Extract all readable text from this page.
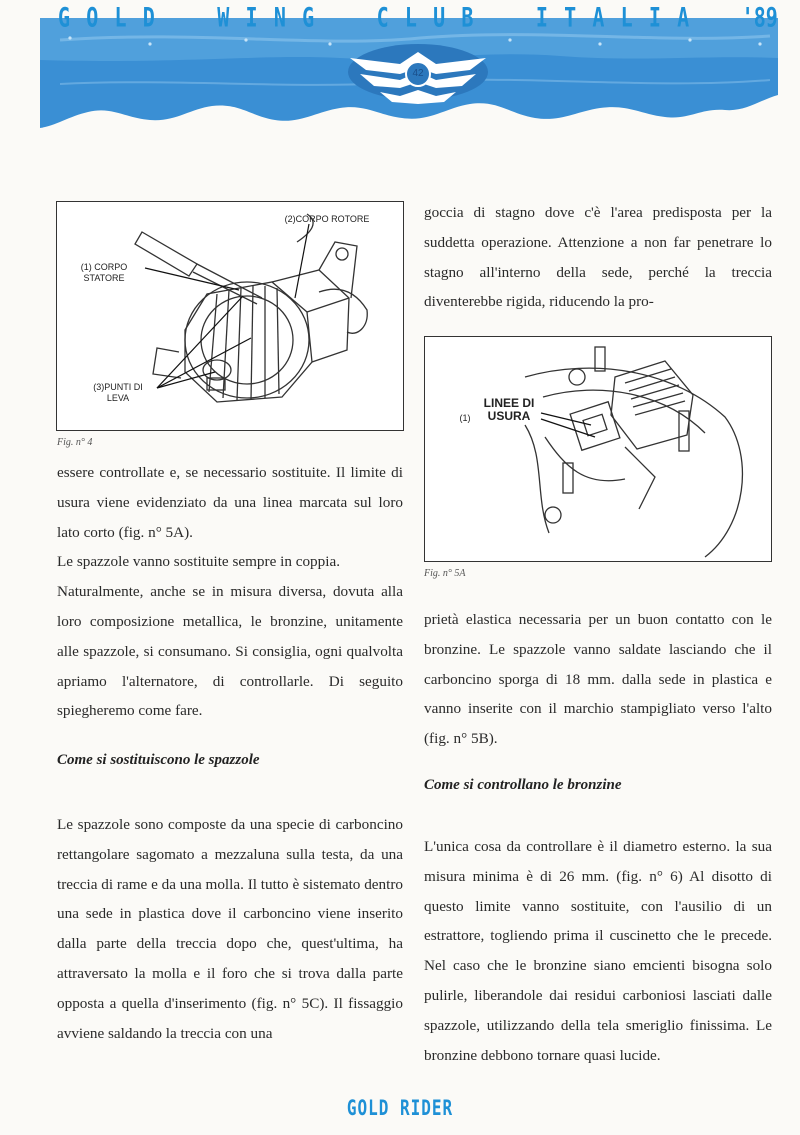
G O L D	W I N G	C L U B	I T A L I A	'89
42
(2)CORPO ROTORE
(1) CORPO STATORE
(3)PUNTI DI LEVA
Fig. n° 4
(1)
LINEE DI USURA
Fig. n° 5A

essere controllate e, se necessario sostituite. Il limite di usura viene evidenziato da una linea marcata sul loro lato corto (fig. n° 5A).

Le spazzole vanno sostituite sempre in coppia.

Naturalmente, anche se in misura diversa, dovuta alla loro composizione metallica, le bronzine, unitamente alle spazzole, si consumano. Si consiglia, ogni qualvolta apriamo l'alternatore, di controllarle. Di seguito spiegheremo come fare.

Come si sostituiscono le spazzole

Le spazzole sono composte da una specie di carboncino rettangolare sagomato a mezzaluna sulla testa, da una treccia di rame e da una molla. Il tutto è sistemato dentro una sede in plastica dove il carboncino viene inserito dalla parte della treccia dopo che, quest'ultima, ha attraversato la molla e il foro che si trova dalla parte opposta a quella d'inserimento (fig. n° 5C). Il fissaggio avviene saldando la treccia con una

goccia di stagno dove c'è l'area predisposta per la suddetta operazione. Attenzione a non far penetrare lo stagno all'interno della sede, perché la treccia diventerebbe rigida, riducendo la pro-

prietà elastica necessaria per un buon contatto con le bronzine. Le spazzole vanno saldate lasciando che il carboncino sporga di 18 mm. dalla sede in plastica e vanno inserite con il marchio stampigliato verso l'alto (fig. n° 5B).

Come si controllano le bronzine

L'unica cosa da controllare è il diametro esterno. la sua misura minima è di 26 mm. (fig. n° 6) Al disotto di questo limite vanno sostituite, con l'ausilio di un estrattore, togliendo prima il cuscinetto che le precede. Nel caso che le bronzine siano emcienti bisogna solo pulirle, liberandole dai residui carboniosi lasciati dalle spazzole, utilizzando della tela smeriglio finissima. Le bronzine debbono tornare quasi lucide.

GOLD RIDER
